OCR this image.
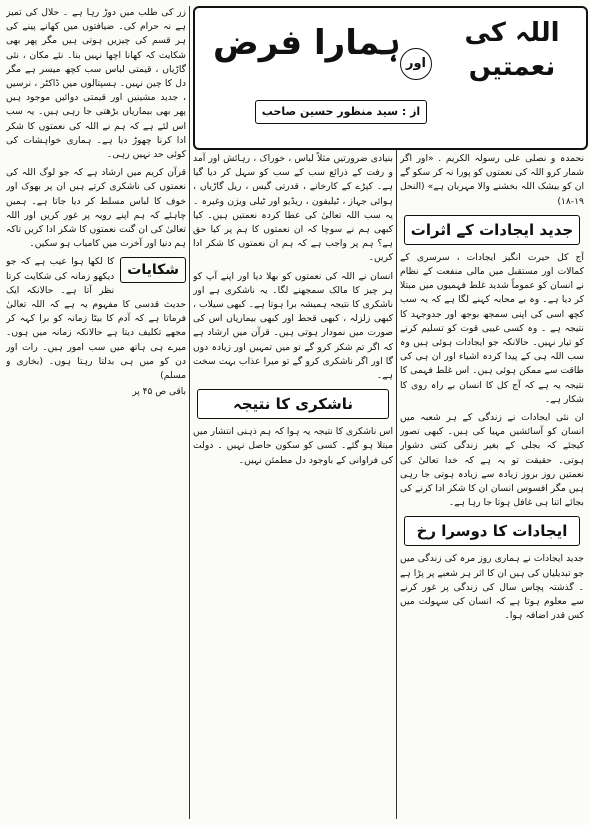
اللہ کی نعمتیں
اور
ہمارا فرض
از : سید منظور حسین صاحب

نحمدہ و نصلی علی رسولہ الکریم . «اور اگر شمار کرو اللہ کی نعمتوں کو پورا نہ کر سکو گے ان کو بیشک اللہ بخشنے والا مہربان ہے» (النحل ۱۹-۱۸)

جدید ایجادات کے اثرات

آج کل حیرت انگیز ایجادات ، سرسری کے کمالات اور مستقبل میں مالی منفعت کے نظام نے انسان کو عموماً شدید غلط فہمیوں میں مبتلا کر دیا ہے۔ وہ بے محابہ کہنے لگا ہے کہ یہ سب کچھ اسی کی اپنی سمجھ بوجھ اور جدوجہد کا نتیجہ ہے ۔ وہ کسی غیبی قوت کو تسلیم کرنے کو تیار نہیں۔ حالانکہ جو ایجادات ہوئی ہیں وہ سب اللہ ہی کے پیدا کردہ اشیاء اور ان ہی کی طاقت سے ممکن ہوئی ہیں۔ اس غلط فہمی کا نتیجہ یہ ہے کہ آج کل کا انسان بے راہ روی کا شکار ہے۔

ان نئی ایجادات نے زندگی کے ہر شعبہ میں انسان کو آسائشیں مہیا کی ہیں۔ کبھی تصور کیجئے کہ بجلی کے بغیر زندگی کتنی دشوار ہوتی۔ حقیقت تو یہ ہے کہ خدا تعالیٰ کی نعمتیں روز بروز زیادہ سے زیادہ ہوتی جا رہی ہیں مگر افسوس انسان ان کا شکر ادا کرنے کی بجائے اتنا ہی غافل ہوتا جا رہا ہے۔

ایجادات کا دوسرا رخ

جدید ایجادات نے ہماری روز مرہ کی زندگی میں جو تبدیلیاں کی ہیں ان کا اثر ہر شعبے پر پڑا ہے ۔ گذشتہ پچاس سال کی زندگی پر غور کرنے سے معلوم ہوتا ہے کہ انسان کی سہولت میں کس قدر اضافہ ہوا۔

بنیادی ضرورتیں مثلاً لباس ، خوراک ، رہائش اور آمد و رفت کے ذرائع سب کے سب کو سہل کر دیا گیا ہے۔ کپڑے کے کارخانے ، قدرتی گیس ، ریل گاڑیاں ، ہوائی جہاز ، ٹیلیفون ، ریڈیو اور ٹیلی ویژن وغیرہ ۔ یہ سب اللہ تعالیٰ کی عطا کردہ نعمتیں ہیں۔ کیا کبھی ہم نے سوچا کہ ان نعمتوں کا ہم پر کیا حق ہے؟ ہم پر واجب ہے کہ ہم ان نعمتوں کا شکر ادا کریں۔

انسان نے اللہ کی نعمتوں کو بھلا دیا اور اپنے آپ کو ہر چیز کا مالک سمجھنے لگا۔ یہ ناشکری ہے اور ناشکری کا نتیجہ ہمیشہ برا ہوتا ہے۔ کبھی سیلاب ، کبھی زلزلہ ، کبھی قحط اور کبھی بیماریاں اس کی صورت میں نمودار ہوتی ہیں۔ قرآن میں ارشاد ہے کہ اگر تم شکر کرو گے تو میں تمہیں اور زیادہ دوں گا اور اگر ناشکری کرو گے تو میرا عذاب بہت سخت ہے۔

ناشکری کا نتیجہ

اس ناشکری کا نتیجہ یہ ہوا کہ ہم ذہنی انتشار میں مبتلا ہو گئے۔ کسی کو سکون حاصل نہیں ۔ دولت کی فراوانی کے باوجود دل مطمئن نہیں۔

زر کی طلب میں دوڑ رہا ہے ۔ حلال کی تمیز ہے نہ حرام کی۔ ضیافتوں میں کھانے پینے کی ہر قسم کی چیزیں ہوتی ہیں مگر پھر بھی شکایت کہ کھانا اچھا نہیں بنا۔ نئے مکان ، نئی گاڑیاں ، قیمتی لباس سب کچھ میسر ہے مگر دل کا چین نہیں۔ ہسپتالوں میں ڈاکٹر ، نرسیں ، جدید مشینیں اور قیمتی دوائیں موجود ہیں پھر بھی بیماریاں بڑھتی جا رہی ہیں۔ یہ سب اس لئے ہے کہ ہم نے اللہ کی نعمتوں کا شکر ادا کرنا چھوڑ دیا ہے۔ ہماری خواہشات کی کوئی حد نہیں رہی۔

قرآن کریم میں ارشاد ہے کہ جو لوگ اللہ کی نعمتوں کی ناشکری کرتے ہیں ان پر بھوک اور خوف کا لباس مسلط کر دیا جاتا ہے۔ ہمیں چاہئے کہ ہم اپنے رویہ پر غور کریں اور اللہ تعالیٰ کی ان گنت نعمتوں کا شکر ادا کریں تاکہ ہم دنیا اور آخرت میں کامیاب ہو سکیں۔

شکایات

کا لکھا ہوا عیب ہے کہ جو دیکھو زمانہ کی شکایت کرتا نظر آتا ہے۔ حالانکہ ایک حدیث قدسی کا مفہوم یہ ہے کہ اللہ تعالیٰ فرماتا ہے کہ آدم کا بیٹا زمانہ کو برا کہہ کر مجھے تکلیف دیتا ہے حالانکہ زمانہ میں ہوں۔ میرے ہی ہاتھ میں سب امور ہیں۔ رات اور دن کو میں ہی بدلتا رہتا ہوں۔ (بخاری و مسلم)

باقی ص ۴۵ پر
